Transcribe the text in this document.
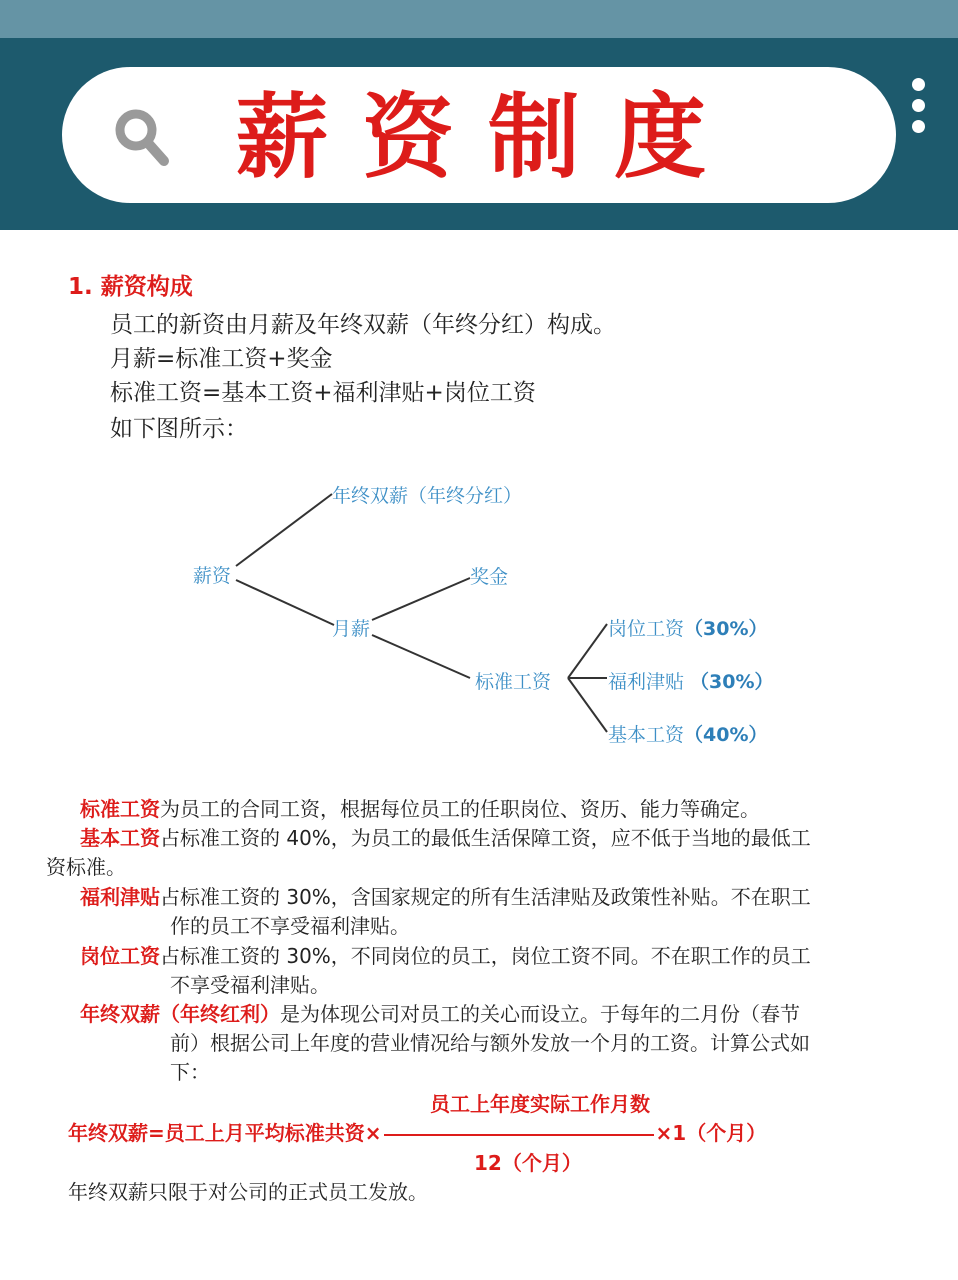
薪资制度
1. 薪资构成
员工的新资由月薪及年终双薪（年终分红）构成。
月薪=标准工资+奖金
标准工资=基本工资+福利津贴+岗位工资
如下图所示：
薪资
年终双薪（年终分红）
月薪
奖金
标准工资
岗位工资（30%）
福利津贴 （30%）
基本工资（40%）
标准工资为员工的合同工资，根据每位员工的任职岗位、资历、能力等确定。
基本工资占标准工资的 40%，为员工的最低生活保障工资，应不低于当地的最低工
资标准。
福利津贴占标准工资的 30%，含国家规定的所有生活津贴及政策性补贴。不在职工
作的员工不享受福利津贴。
岗位工资占标准工资的 30%，不同岗位的员工，岗位工资不同。不在职工作的员工
不享受福利津贴。
年终双薪（年终红利）是为体现公司对员工的关心而设立。于每年的二月份（春节
前）根据公司上年度的营业情况给与额外发放一个月的工资。计算公式如
下：
员工上年度实际工作月数
年终双薪=员工上月平均标准共资×	×1（个月）
12（个月）
年终双薪只限于对公司的正式员工发放。
